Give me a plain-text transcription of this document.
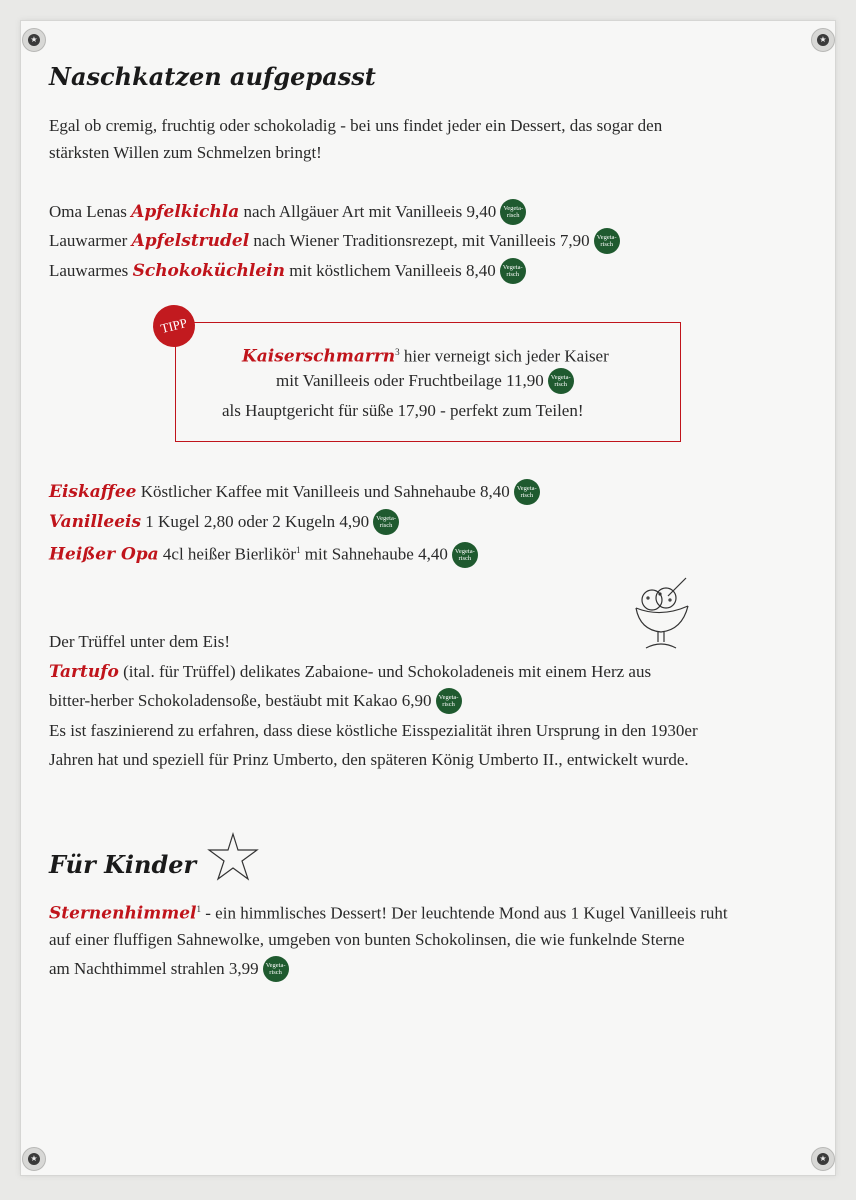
★	★
★	★
Naschkatzen aufgepasst
Egal ob cremig, fruchtig oder schokoladig - bei uns findet jeder ein Dessert, das sogar den
stärksten Willen zum Schmelzen bringt!
Oma Lenas Apfelkichla nach Allgäuer Art mit Vanilleeis 9,40 Vegeta-
risch
Lauwarmer Apfelstrudel nach Wiener Traditionsrezept, mit Vanilleeis 7,90 Vegeta-
risch
Lauwarmes Schokoküchlein mit köstlichem Vanilleeis 8,40 Vegeta-
risch
TIPP
Kaiserschmarrn$^3$ hier verneigt sich jeder Kaiser
mit Vanilleeis oder Fruchtbeilage 11,90 Vegeta-
risch
als Hauptgericht für süße 17,90 - perfekt zum Teilen!
Eiskaffee Köstlicher Kaffee mit Vanilleeis und Sahnehaube 8,40 Vegeta-
risch
Vanilleeis 1 Kugel 2,80 oder 2 Kugeln 4,90 Vegeta-
risch
Heißer Opa 4cl heißer Bierlikör$^1$ mit Sahnehaube 4,40 Vegeta-
risch
Der Trüffel unter dem Eis!
Tartufo (ital. für Trüffel) delikates Zabaione- und Schokoladeneis mit einem Herz aus
bitter-herber Schokoladensoße, bestäubt mit Kakao 6,90 Vegeta-
risch
Es ist faszinierend zu erfahren, dass diese köstliche Eisspezialität ihren Ursprung in den 1930er
Jahren hat und speziell für Prinz Umberto, den späteren König Umberto II., entwickelt wurde.
Für Kinder
Sternenhimmel$^1$ - ein himmlisches Dessert! Der leuchtende Mond aus 1 Kugel Vanilleeis ruht
auf einer fluffigen Sahnewolke, umgeben von bunten Schokolinsen, die wie funkelnde Sterne
am Nachthimmel strahlen 3,99 Vegeta-
risch
